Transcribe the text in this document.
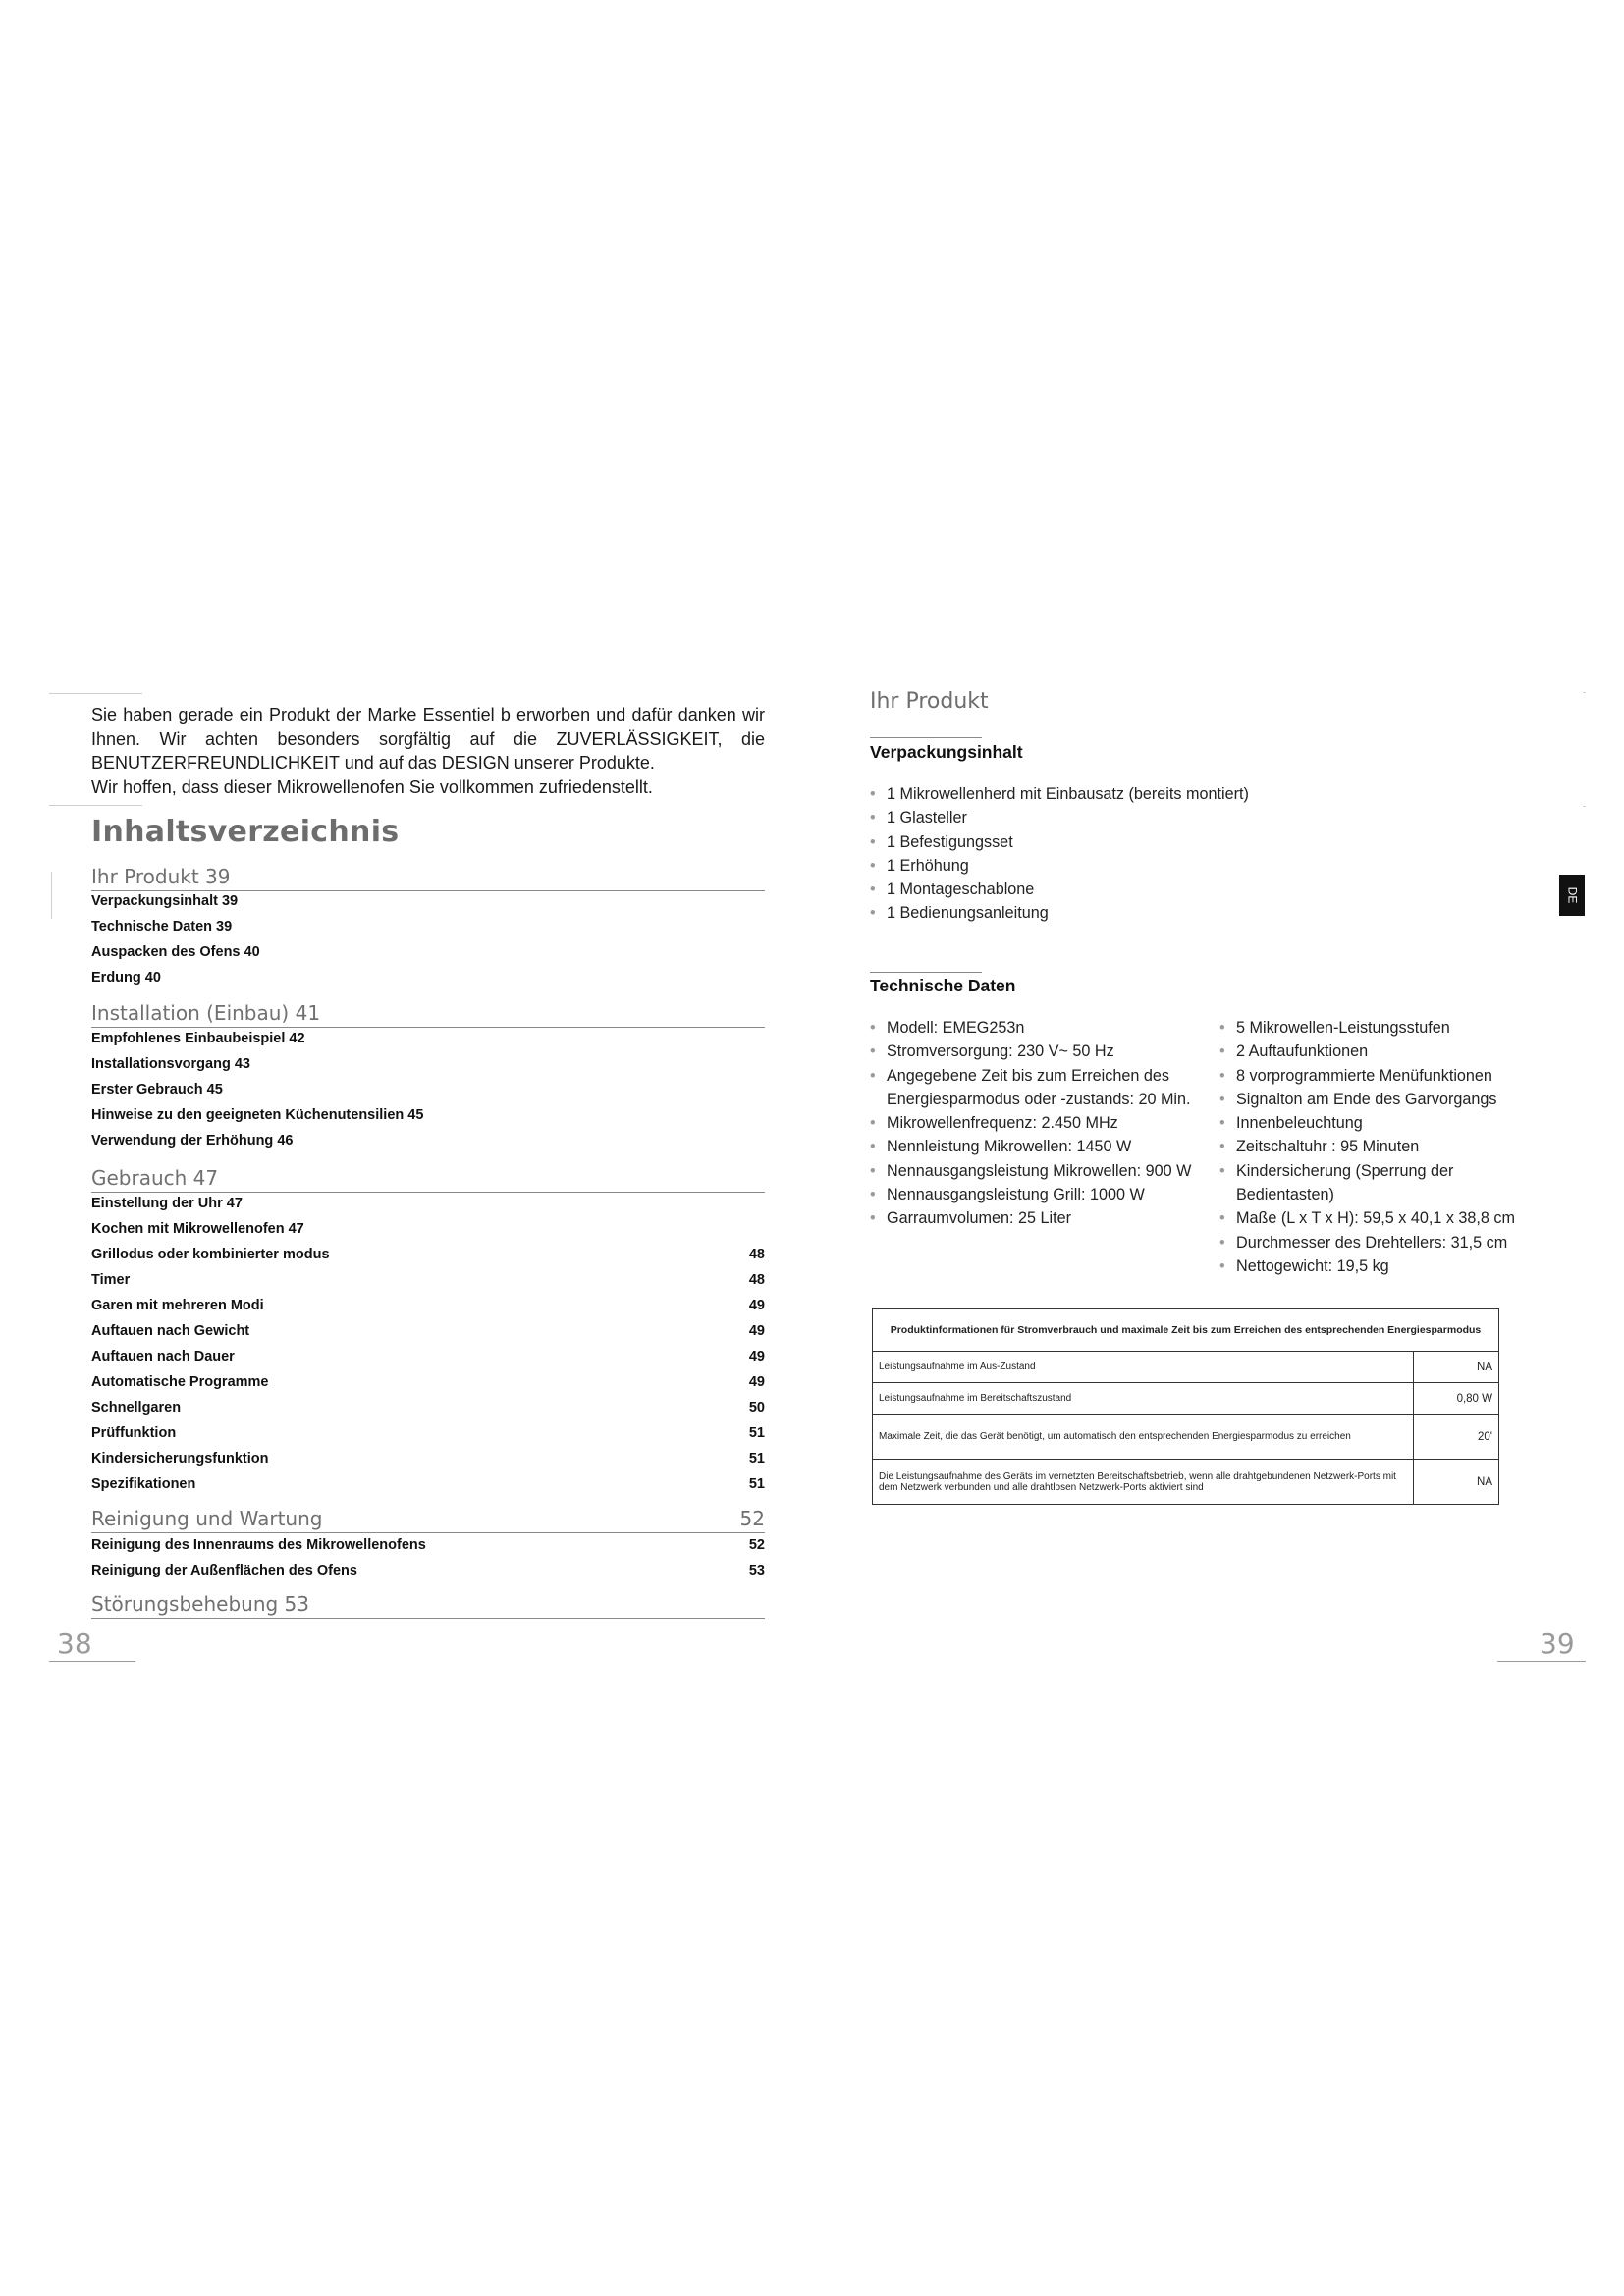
Sie haben gerade ein Produkt der Marke Essentiel b erworben und dafür danken wir Ihnen. Wir achten besonders sorgfältig auf die ZUVERLÄSSIGKEIT, die BENUTZERFREUNDLICHKEIT und auf das DESIGN unserer Produkte.

Wir hoffen, dass dieser Mikrowellenofen Sie vollkommen zufriedenstellt.

Inhaltsverzeichnis
Ihr Produkt 39
Verpackungsinhalt 39
Technische Daten 39
Auspacken des Ofens 40
Erdung 40
Installation (Einbau) 41
Empfohlenes Einbaubeispiel 42
Installationsvorgang 43
Erster Gebrauch 45
Hinweise zu den geeigneten Küchenutensilien 45
Verwendung der Erhöhung 46
Gebrauch 47
Einstellung der Uhr 47
Kochen mit Mikrowellenofen 47
Grillodus oder kombinierter modus	48
Timer	48
Garen mit mehreren Modi	49
Auftauen nach Gewicht	49
Auftauen nach Dauer	49
Automatische Programme	49
Schnellgaren	50
Prüffunktion	51
Kindersicherungsfunktion	51
Spezifikationen	51
Reinigung und Wartung	52
Reinigung des Innenraums des Mikrowellenofens	52
Reinigung der Außenflächen des Ofens	53
Störungsbehebung 53
38	39
Ihr Produkt
Verpackungsinhalt
• 1 Mikrowellenherd mit Einbausatz (bereits montiert)
• 1 Glasteller
• 1 Befestigungsset
• 1 Erhöhung
• 1 Montageschablone
• 1 Bedienungsanleitung
DE
Technische Daten
• Modell: EMEG253n
• Stromversorgung: 230 V~ 50 Hz
• Angegebene Zeit bis zum Erreichen des Energiesparmodus oder -zustands: 20 Min.
• Mikrowellenfrequenz: 2.450 MHz
• Nennleistung Mikrowellen: 1450 W
• Nennausgangsleistung Mikrowellen: 900 W
• Nennausgangsleistung Grill: 1000 W
• Garraumvolumen: 25 Liter
• 5 Mikrowellen-Leistungsstufen
• 2 Auftaufunktionen
• 8 vorprogrammierte Menüfunktionen
• Signalton am Ende des Garvorgangs
• Innenbeleuchtung
• Zeitschaltuhr : 95 Minuten
• Kindersicherung (Sperrung der Bedientasten)
• Maße (L x T x H): 59,5 x 40,1 x 38,8 cm
• Durchmesser des Drehtellers: 31,5 cm
• Nettogewicht: 19,5 kg
Produktinformationen für Stromverbrauch und maximale Zeit bis zum Erreichen des entsprechenden Energiesparmodus	
Leistungsaufnahme im Aus-Zustand	NA
Leistungsaufnahme im Bereitschaftszustand	0,80 W
Maximale Zeit, die das Gerät benötigt, um automatisch den entsprechenden Energiesparmodus zu erreichen	20'
Die Leistungsaufnahme des Geräts im vernetzten Bereitschaftsbetrieb, wenn alle drahtgebundenen Netzwerk-Ports mit dem Netzwerk verbunden und alle drahtlosen Netzwerk-Ports aktiviert sind	NA
